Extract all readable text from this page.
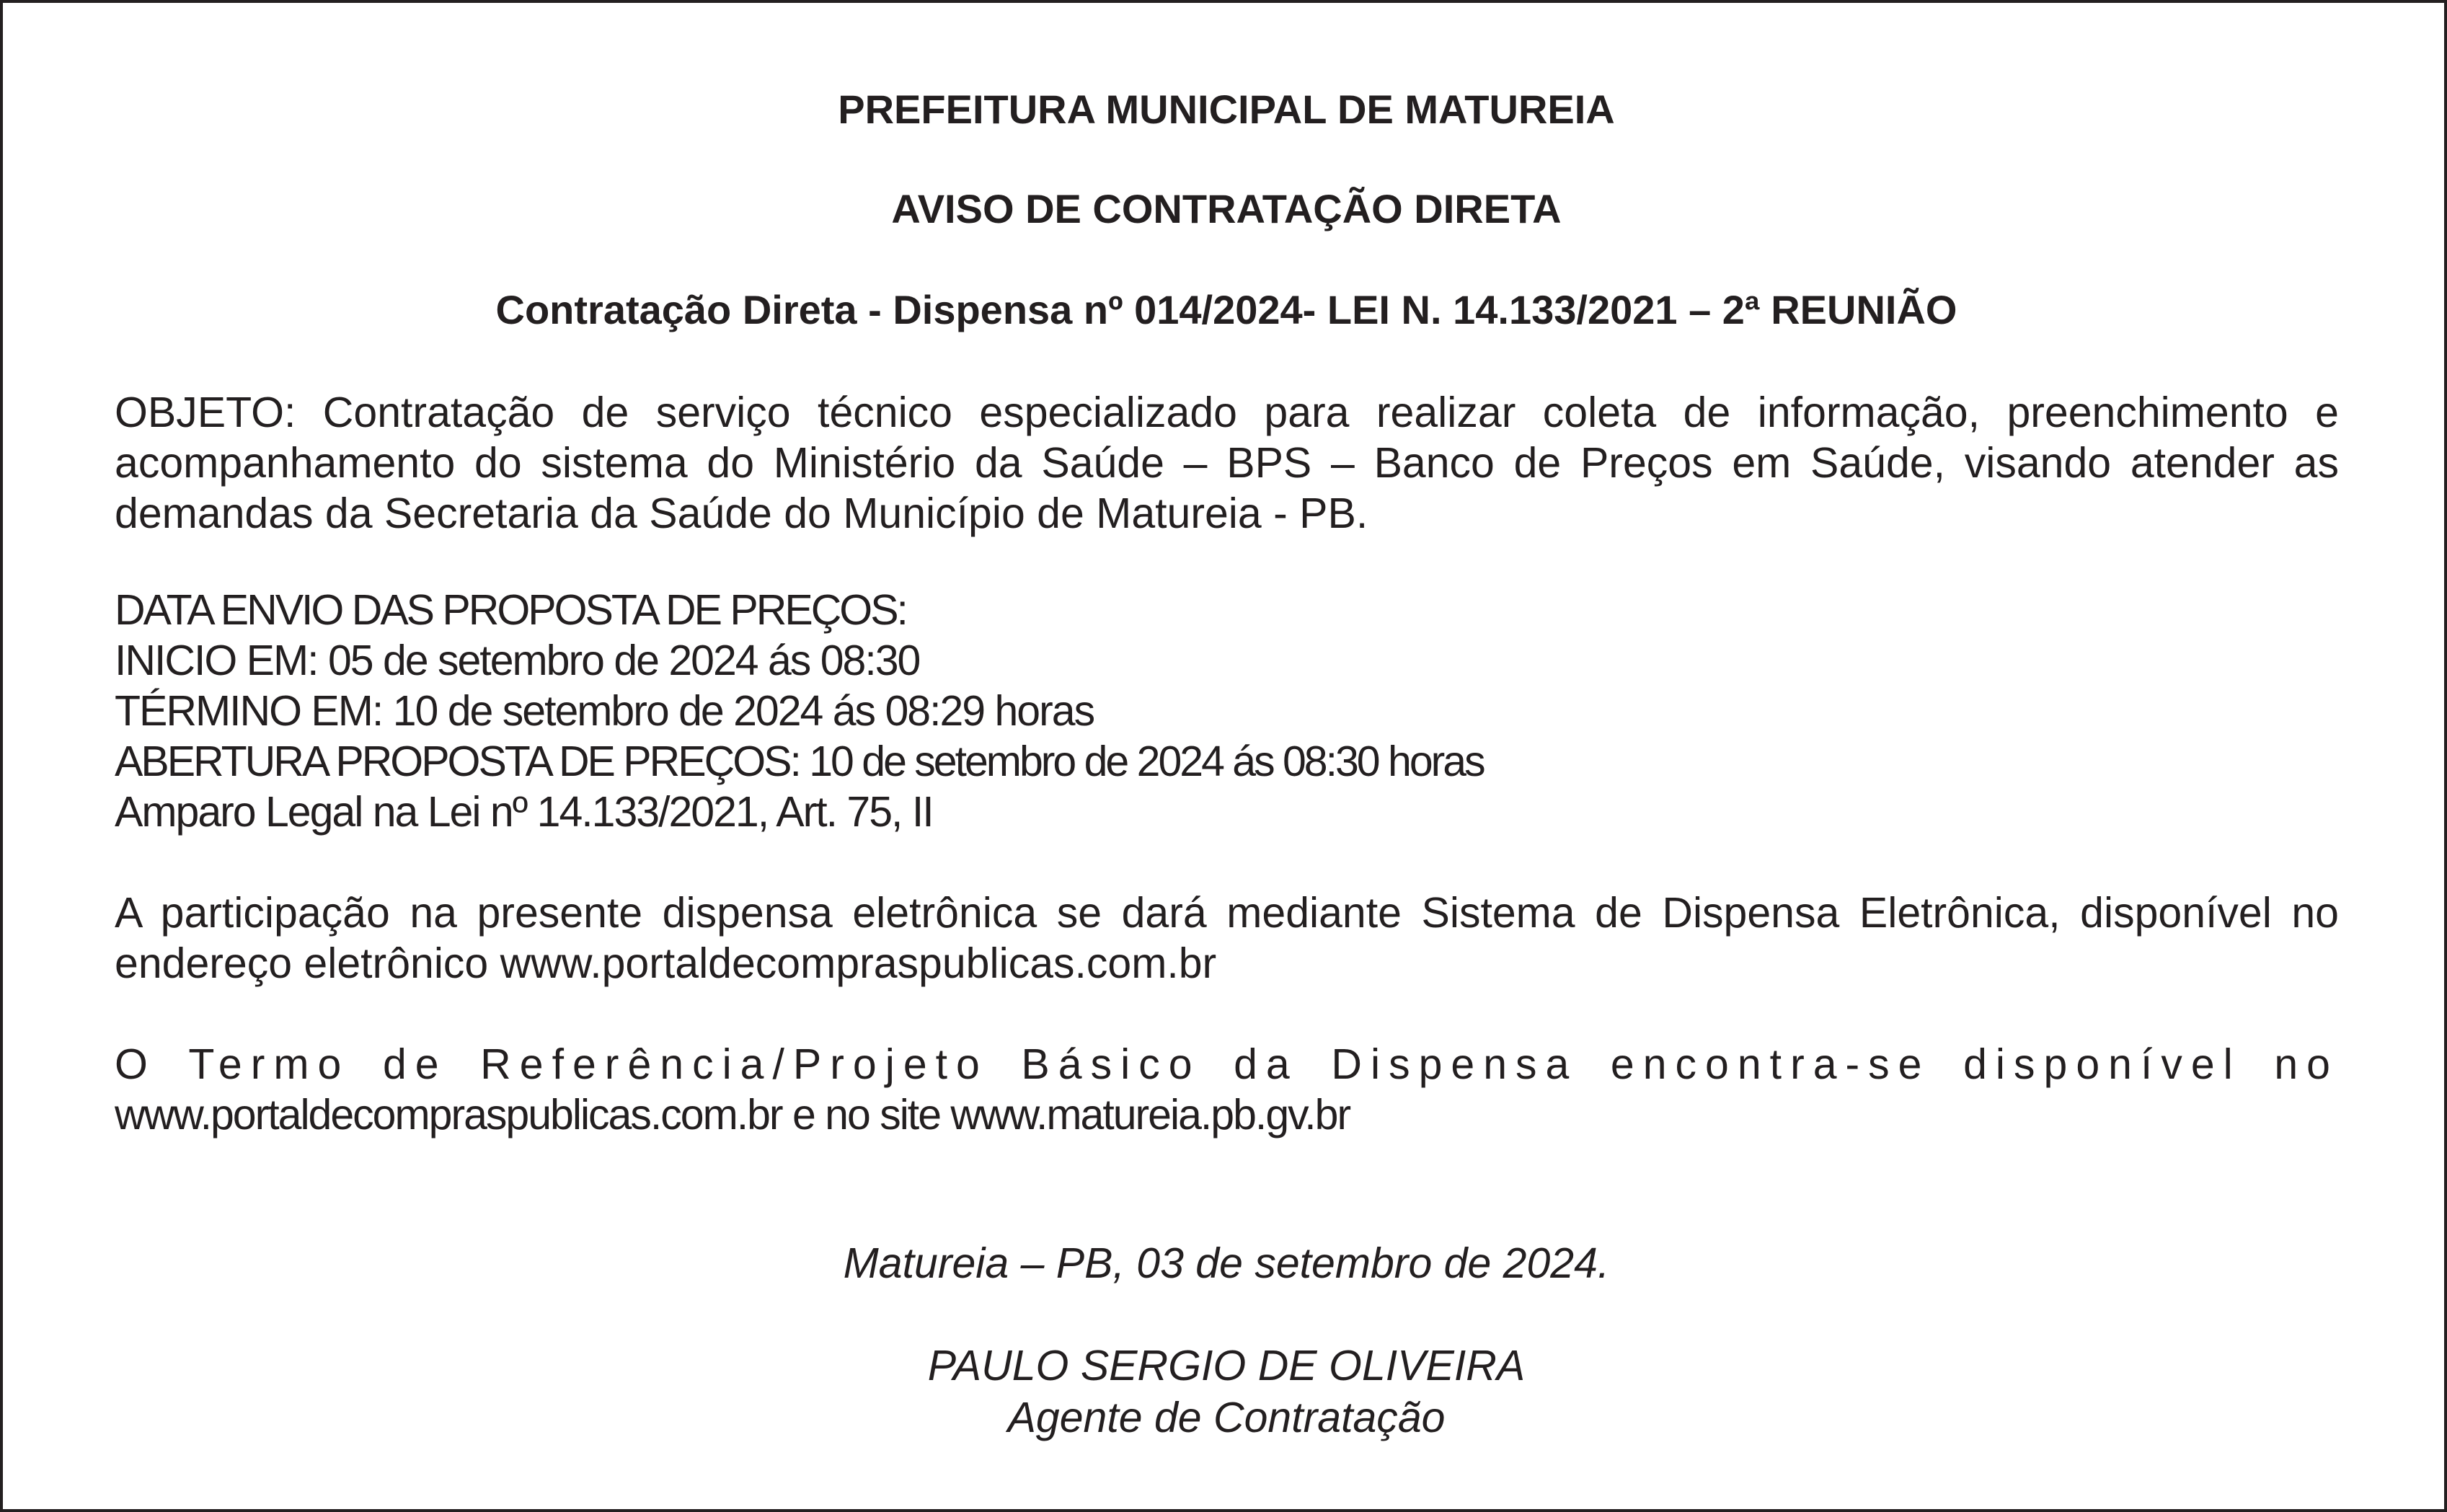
PREFEITURA MUNICIPAL DE MATUREIA
AVISO DE CONTRATAÇÃO DIRETA
Contratação Direta - Dispensa nº 014/2024- LEI N. 14.133/2021 – 2ª REUNIÃO
OBJETO: Contratação de serviço técnico especializado para realizar coleta de informação, preenchimento e acompanhamento do sistema do Ministério da Saúde – BPS – Banco de Preços em Saúde, visando atender as demandas da Secretaria da Saúde do Município de Matureia - PB.
DATA ENVIO DAS PROPOSTA DE PREÇOS:
INICIO EM: 05 de setembro de 2024 ás 08:30
TÉRMINO EM: 10 de setembro de 2024 ás 08:29 horas
ABERTURA PROPOSTA DE PREÇOS: 10 de setembro de 2024 ás 08:30 horas
Amparo Legal na Lei nº 14.133/2021, Art. 75, II
A participação na presente dispensa eletrônica se dará mediante Sistema de Dispensa Eletrônica, disponível no endereço eletrônico www.portaldecompraspublicas.com.br
O Termo de Referência/Projeto Básico da Dispensa encontra-se disponível no
www.portaldecompraspublicas.com.br e no site www.matureia.pb.gv.br
Matureia – PB, 03 de setembro de 2024.
PAULO SERGIO DE OLIVEIRA
Agente de Contratação
